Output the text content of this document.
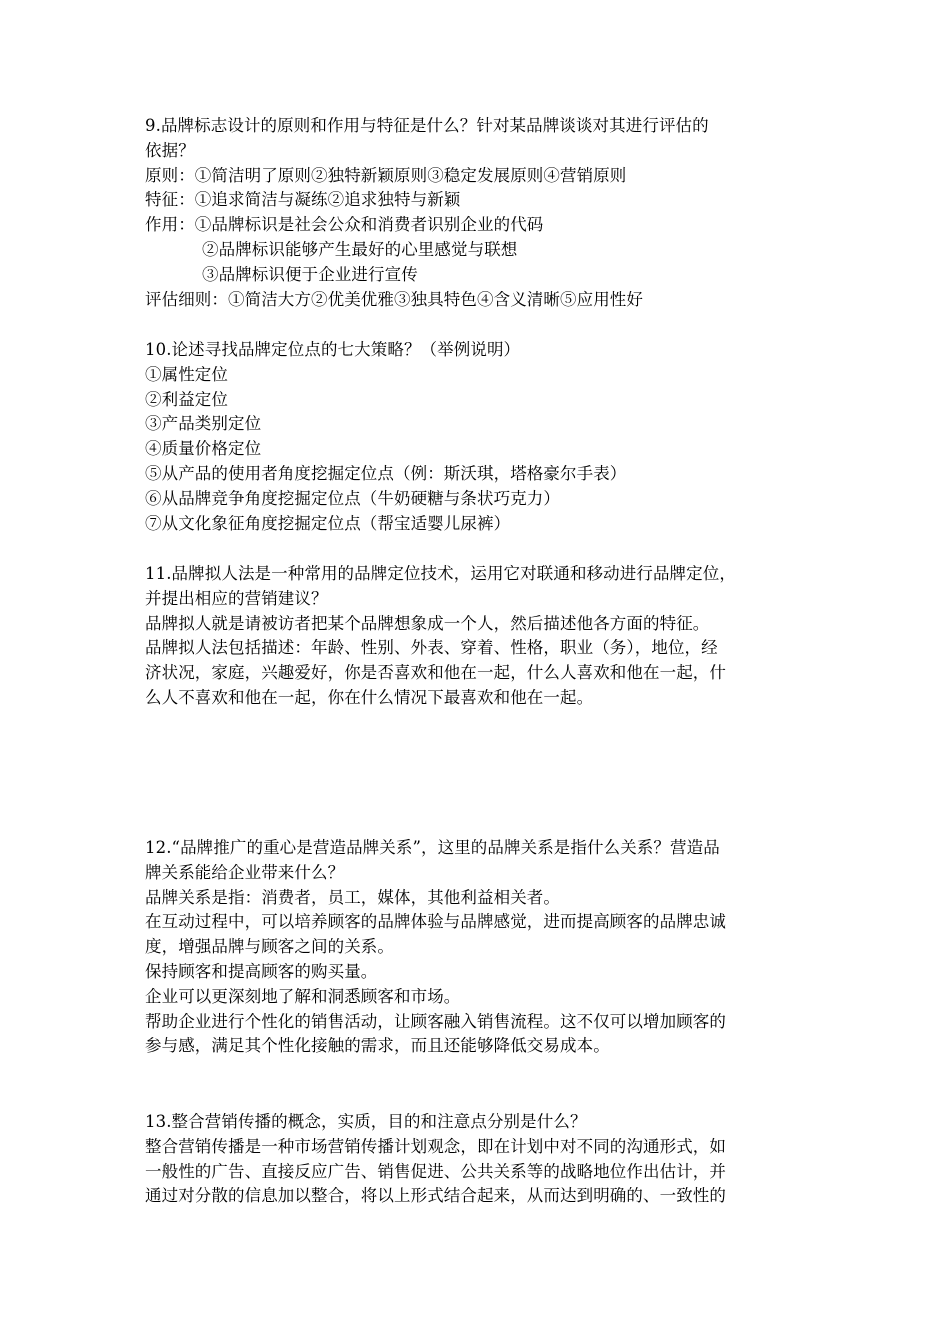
9.品牌标志设计的原则和作用与特征是什么？针对某品牌谈谈对其进行评估的
依据？
原则：①简洁明了原则②独特新颖原则③稳定发展原则④营销原则
特征：①追求简洁与凝练②追求独特与新颖
作用：①品牌标识是社会公众和消费者识别企业的代码
②品牌标识能够产生最好的心里感觉与联想
③品牌标识便于企业进行宣传
评估细则：①简洁大方②优美优雅③独具特色④含义清晰⑤应用性好
10.论述寻找品牌定位点的七大策略？（举例说明）
①属性定位
②利益定位
③产品类别定位
④质量价格定位
⑤从产品的使用者角度挖掘定位点（例：斯沃琪，塔格豪尔手表）
⑥从品牌竞争角度挖掘定位点（牛奶硬糖与条状巧克力）
⑦从文化象征角度挖掘定位点（帮宝适婴儿尿裤）
11.品牌拟人法是一种常用的品牌定位技术，运用它对联通和移动进行品牌定位，
并提出相应的营销建议？
品牌拟人就是请被访者把某个品牌想象成一个人，然后描述他各方面的特征。
品牌拟人法包括描述：年龄、性别、外表、穿着、性格，职业（务），地位，经
济状况，家庭，兴趣爱好，你是否喜欢和他在一起，什么人喜欢和他在一起，什
么人不喜欢和他在一起，你在什么情况下最喜欢和他在一起。
12.“品牌推广的重心是营造品牌关系”，这里的品牌关系是指什么关系？营造品
牌关系能给企业带来什么？
品牌关系是指：消费者，员工，媒体，其他利益相关者。
在互动过程中，可以培养顾客的品牌体验与品牌感觉，进而提高顾客的品牌忠诚
度，增强品牌与顾客之间的关系。
保持顾客和提高顾客的购买量。
企业可以更深刻地了解和洞悉顾客和市场。
帮助企业进行个性化的销售活动，让顾客融入销售流程。这不仅可以增加顾客的
参与感，满足其个性化接触的需求，而且还能够降低交易成本。
13.整合营销传播的概念，实质，目的和注意点分别是什么？
整合营销传播是一种市场营销传播计划观念，即在计划中对不同的沟通形式，如
一般性的广告、直接反应广告、销售促进、公共关系等的战略地位作出估计，并
通过对分散的信息加以整合，将以上形式结合起来，从而达到明确的、一致性的
